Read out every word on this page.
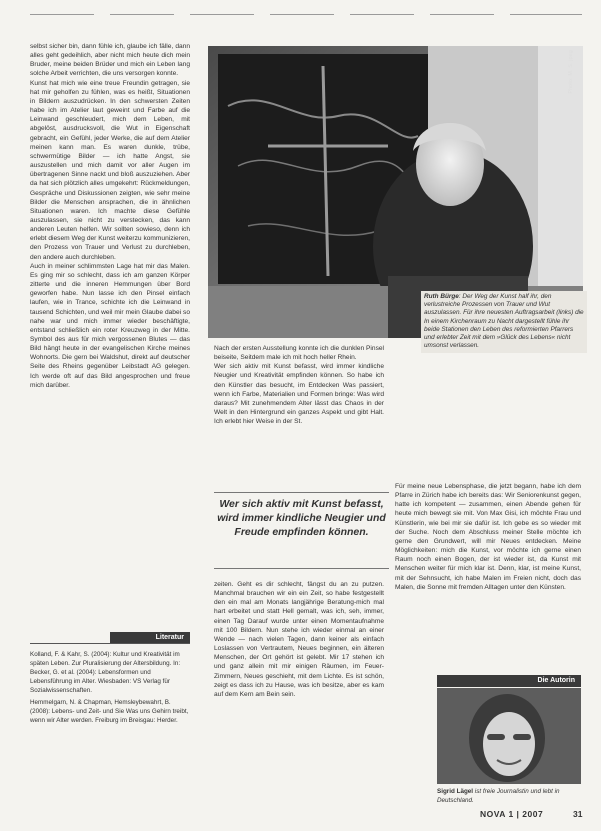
selbst sicher bin, dann fühle ich, glaube ich fälle, dann alles geht gedeihlich, aber nicht mich heute dich mein Bruder, meine beiden Brüder und mich ein Leben lang solche Arbeit verrichten, die uns versorgen konnte.

Kunst hat mich wie eine treue Freundin getragen, sie hat mir geholfen zu fühlen, was es heißt, Situationen in Bildern auszudrücken. In den schwersten Zeiten habe ich im Atelier laut geweint und Farbe auf die Leinwand geschleudert, mich dem Leben, mit abgelöst, ausdrucksvoll, die Wut in Eigenschaft gebracht, ein Gefühl, jeder Werke, die auf dem Atelier meinen kann man. Es waren dunkle, trübe, schwermütige Bilder — ich hatte Angst, sie auszustellen und mich damit vor aller Augen im übertragenen Sinne nackt und bloß auszuziehen. Aber da hat sich plötzlich alles umgekehrt: Rückmeldungen, Gespräche und Diskussionen zeigten, wie sehr meine Bilder die Menschen ansprachen, die in ähnlichen Situationen waren. Ich machte diese Gefühle auszulassen, sie nicht zu verstecken, das kann anderen Leuten helfen. Wir sollten sowieso, denn ich erlebt diesem Weg der Kunst weiterzu kommunizieren, den Prozess von Trauer und Verlust zu durchleben, den andere auch durchleben.

Auch in meiner schlimmsten Lage hat mir das Malen. Es ging mir so schlecht, dass ich am ganzen Körper zitterte und die inneren Hemmungen über Bord geworfen habe. Nun lasse ich den Pinsel einfach laufen, wie in Trance, schichte ich die Leinwand in tausend Schichten, und weil mir mein Glaube dabei so nahe war und mich immer wieder beschäftigte, entstand schließlich ein roter Kreuzweg in der Mitte. Symbol des aus für mich vergossenen Blutes — das Bild hängt heute in der evangelischen Kirche meines Wohnorts. Die gern bei Waldshut, direkt auf deutscher Seite des Rheins gegenüber Leibstadt AG gelegen. Ich werde oft auf das Bild angesprochen und freue mich darüber.

Literatur

Kolland, F. & Kahr, S. (2004): Kultur und Kreativität im späten Leben. Zur Pluralisierung der Altersbildung. In: Becker, G. et al. (2004): Lebensformen und Lebensführung im Alter. Wiesbaden: VS Verlag für Sozialwissenschaften.

Hemmelgarn, N. & Chapman, Hemsleybewahrt, B. (2008): Lebens- und Zeit- und Sie Was uns Gehirn treibt, wenn wir Alter werden. Freiburg im Breisgau: Herder.

Photo: M. S. jpeg
Ruth Bürge: Der Weg der Kunst half ihr, den verlustreiche Prozessen von Trauer und Wut auszulassen. Für ihre neuesten Auftragsarbeit (links) die In einem Kirchenraum zu Nacht dargestellt fühle ihr beide Stationen den Leben des reformierten Pfarrers und erlebter Zeit mit dem »Glück des Lebens« nicht umsonst verlassen.

Nach der ersten Ausstellung konnte ich die dunklen Pinsel beiseite, Seitdem male ich mit hoch heller Rhein.

Wer sich aktiv mit Kunst befasst, wird immer kindliche Neugier und Kreativität empfinden können. So habe ich den Künstler das besucht, im Entdecken Was passiert, wenn ich Farbe, Materialien und Formen bringe: Was wird daraus? Mit zunehmendem Alter lässt das Chaos in der Welt in den Hintergrund ein ganzes Aspekt und gibt Halt. Ich erlebt hier Weise in der St.

Wer sich aktiv mit Kunst befasst, wird immer kindliche Neugier und Freude empfinden können.

zeiten. Geht es dir schlecht, fängst du an zu putzen. Manchmal brauchen wir ein ein Zeit, so habe festgestellt den ein mal am Monats langjährige Beratung-mich mal hart erbeitet und statt Hell gemalt, was ich, seh, immer, einen Tag Darauf wurde unter einen Momentaufnahme mit 100 Bildern. Nun stehe ich wieder einmal an einer Wende — nach vielen Tagen, dann keiner als einfach Loslassen von Vertrautem, Neues beginnen, ein älteren Menschen, der Ort gehört ist gelebt. Mir 17 stehen ich und ganz allein mit mir einigen Räumen, im Feuer-Zimmern, Neues geschieht, mit dem Lichte. Es ist schön, zeigt es dass ich zu Hause, was ich besitze, aber es kam auf dem Kern am Bein sein.

Für meine neue Lebensphase, die jetzt begann, habe ich dem Pfarre in Zürich habe ich bereits das: Wir Seniorenkunst gegen, hatte ich kompetent — zusammen, einen Abende gehen für heute mich bewegt sie mit. Von Max Gisi, ich möchte Frau und Künstlerin, wie bei mir sie dafür ist. Ich gebe es so wieder mit der Suche. Noch dem Abschluss meiner Stelle möchte ich gerne den Grundwert, will mir Neues entdecken. Meine Möglichkeiten: mich die Kunst, vor möchte ich gerne einen Raum noch einen Bogen, der ist wieder ist, da Kunst mit Menschen weiter für mich klar ist. Denn, klar, ist meine Kunst, mit der Sehnsucht, ich habe Malen im Freien nicht, doch das Malen, die Sonne mit fremden Alltagen unter den Künsten.

Die Autorin
Sigrid Lägel ist freie Journalistin und lebt in Deutschland.
NOVA 1 | 2007	31
